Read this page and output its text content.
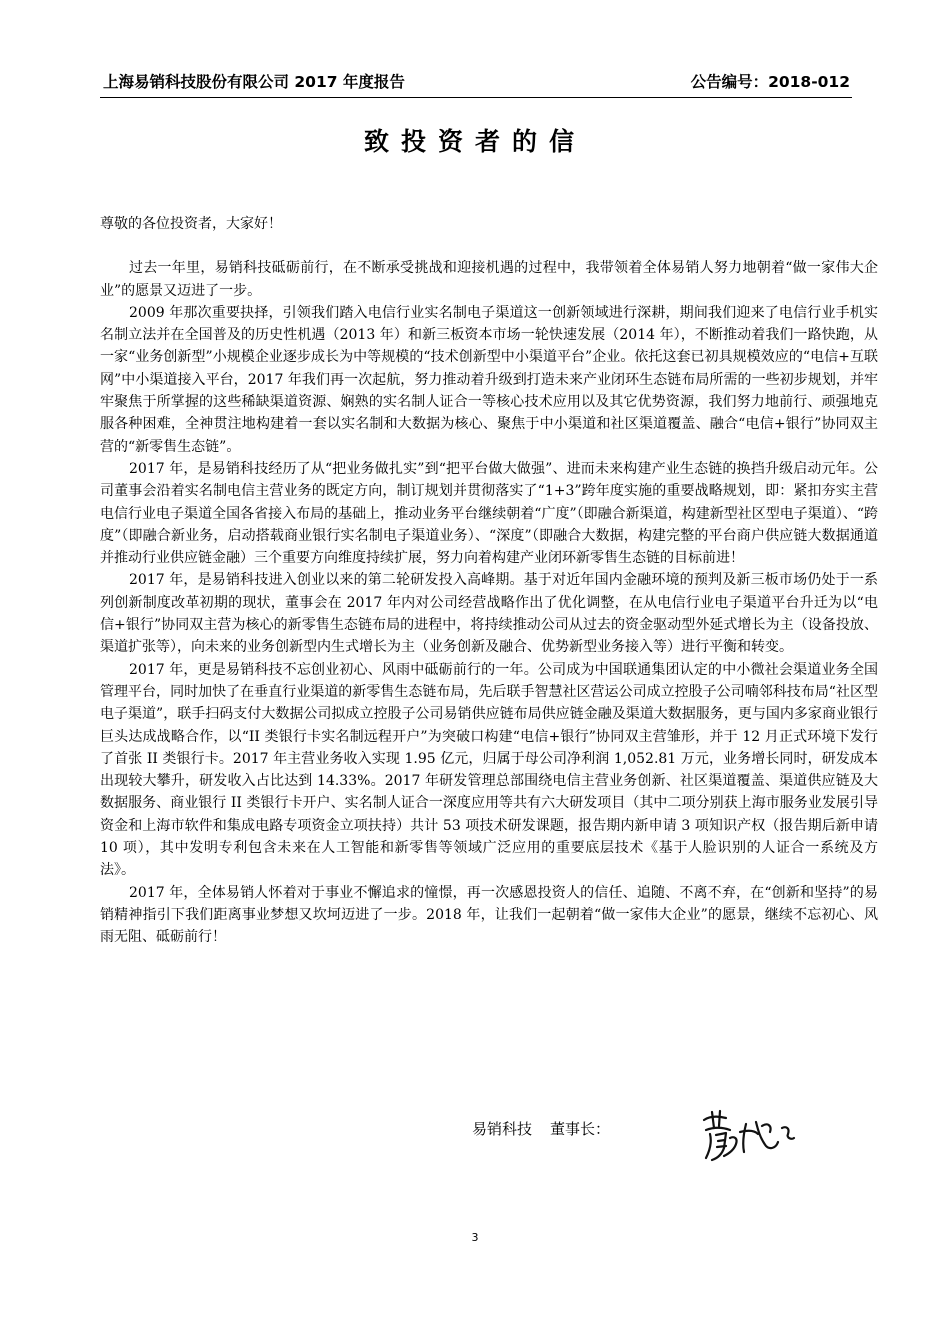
上海易销科技股份有限公司 2017 年度报告	公告编号：2018-012
致投资者的信

尊敬的各位投资者，大家好！

过去一年里，易销科技砥砺前行，在不断承受挑战和迎接机遇的过程中，我带领着全体易销人努力地朝着“做一家伟大企业”的愿景又迈进了一步。

2009 年那次重要抉择，引领我们踏入电信行业实名制电子渠道这一创新领域进行深耕，期间我们迎来了电信行业手机实名制立法并在全国普及的历史性机遇（2013 年）和新三板资本市场一轮快速发展（2014 年），不断推动着我们一路快跑，从一家“业务创新型”小规模企业逐步成长为中等规模的“技术创新型中小渠道平台”企业。依托这套已初具规模效应的“电信+互联网”中小渠道接入平台，2017 年我们再一次起航，努力推动着升级到打造未来产业闭环生态链布局所需的一些初步规划，并牢牢聚焦于所掌握的这些稀缺渠道资源、娴熟的实名制人证合一等核心技术应用以及其它优势资源，我们努力地前行、顽强地克服各种困难，全神贯注地构建着一套以实名制和大数据为核心、聚焦于中小渠道和社区渠道覆盖、融合“电信+银行”协同双主营的“新零售生态链”。

2017 年，是易销科技经历了从“把业务做扎实”到“把平台做大做强”、进而未来构建产业生态链的换挡升级启动元年。公司董事会沿着实名制电信主营业务的既定方向，制订规划并贯彻落实了“1+3”跨年度实施的重要战略规划，即：紧扣夯实主营电信行业电子渠道全国各省接入布局的基础上，推动业务平台继续朝着“广度”（即融合新渠道，构建新型社区型电子渠道）、“跨度”（即融合新业务，启动搭载商业银行实名制电子渠道业务）、“深度”（即融合大数据，构建完整的平台商户供应链大数据通道并推动行业供应链金融）三个重要方向维度持续扩展，努力向着构建产业闭环新零售生态链的目标前进！

2017 年，是易销科技进入创业以来的第二轮研发投入高峰期。基于对近年国内金融环境的预判及新三板市场仍处于一系列创新制度改革初期的现状，董事会在 2017 年内对公司经营战略作出了优化调整，在从电信行业电子渠道平台升迁为以“电信+银行”协同双主营为核心的新零售生态链布局的进程中，将持续推动公司从过去的资金驱动型外延式增长为主（设备投放、渠道扩张等），向未来的业务创新型内生式增长为主（业务创新及融合、优势新型业务接入等）进行平衡和转变。

2017 年，更是易销科技不忘创业初心、风雨中砥砺前行的一年。公司成为中国联通集团认定的中小微社会渠道业务全国管理平台，同时加快了在垂直行业渠道的新零售生态链布局，先后联手智慧社区营运公司成立控股子公司喃邻科技布局“社区型电子渠道”，联手扫码支付大数据公司拟成立控股子公司易销供应链布局供应链金融及渠道大数据服务，更与国内多家商业银行巨头达成战略合作，以“II 类银行卡实名制远程开户”为突破口构建“电信+银行”协同双主营雏形，并于 12 月正式环境下发行了首张 II 类银行卡。2017 年主营业务收入实现 1.95 亿元，归属于母公司净利润 1,052.81 万元，业务增长同时，研发成本出现较大攀升，研发收入占比达到 14.33%。2017 年研发管理总部围绕电信主营业务创新、社区渠道覆盖、渠道供应链及大数据服务、商业银行 II 类银行卡开户、实名制人证合一深度应用等共有六大研发项目（其中二项分别获上海市服务业发展引导资金和上海市软件和集成电路专项资金立项扶持）共计 53 项技术研发课题，报告期内新申请 3 项知识产权（报告期后新申请 10 项），其中发明专利包含未来在人工智能和新零售等领域广泛应用的重要底层技术《基于人脸识别的人证合一系统及方法》。

2017 年，全体易销人怀着对于事业不懈追求的憧憬，再一次感恩投资人的信任、追随、不离不弃，在“创新和坚持”的易销精神指引下我们距离事业梦想又坎坷迈进了一步。2018 年，让我们一起朝着“做一家伟大企业”的愿景，继续不忘初心、风雨无阻、砥砺前行！

易销科技 董事长：
3
